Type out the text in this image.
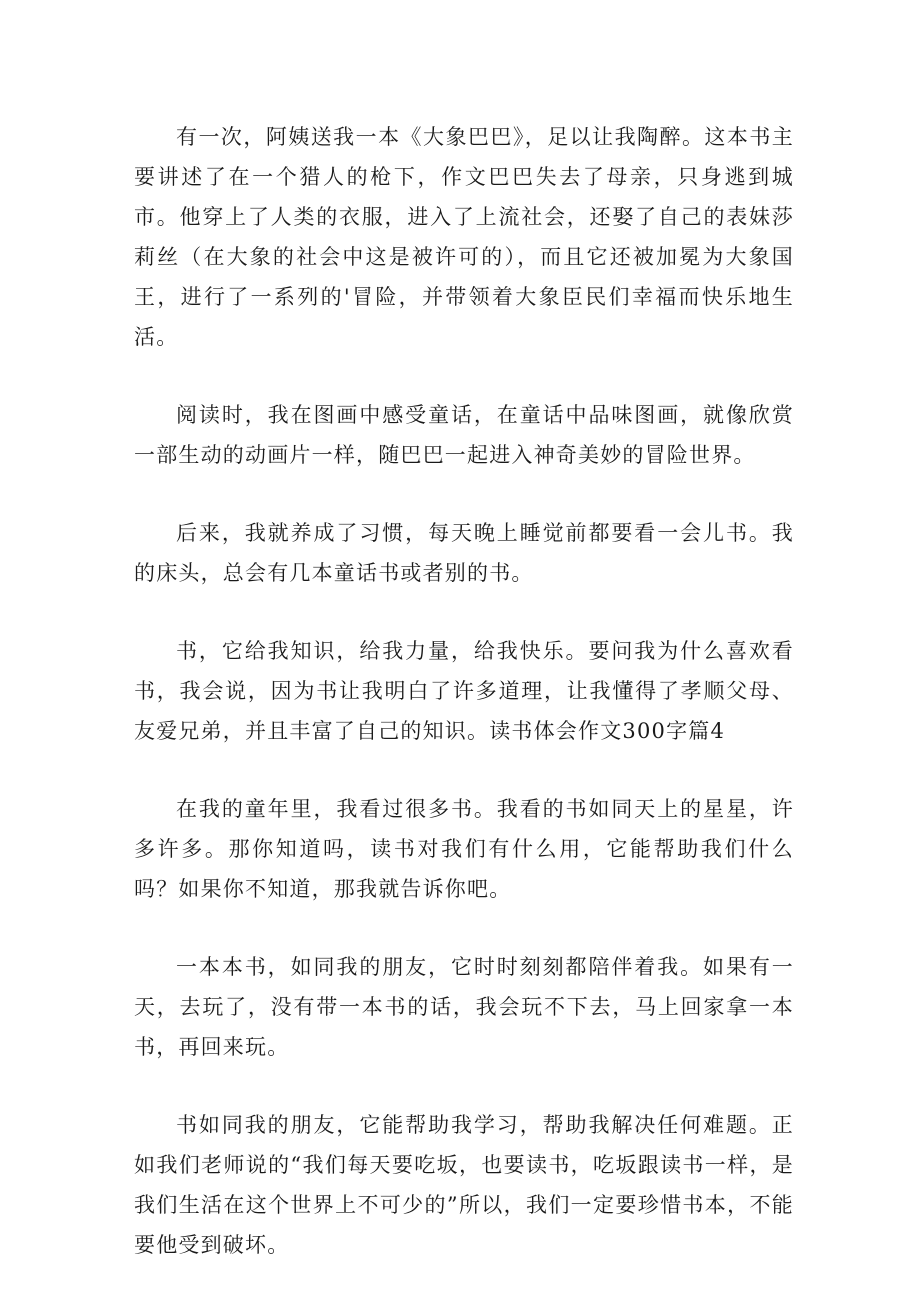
有一次，阿姨送我一本《大象巴巴》，足以让我陶醉。这本书主要讲述了在一个猎人的枪下，作文巴巴失去了母亲，只身逃到城市。他穿上了人类的衣服，进入了上流社会，还娶了自己的表妹莎莉丝（在大象的社会中这是被许可的），而且它还被加冕为大象国王，进行了一系列的'冒险，并带领着大象臣民们幸福而快乐地生活。

阅读时，我在图画中感受童话，在童话中品味图画，就像欣赏一部生动的动画片一样，随巴巴一起进入神奇美妙的冒险世界。

后来，我就养成了习惯，每天晚上睡觉前都要看一会儿书。我的床头，总会有几本童话书或者别的书。

书，它给我知识，给我力量，给我快乐。要问我为什么喜欢看书，我会说，因为书让我明白了许多道理，让我懂得了孝顺父母、友爱兄弟，并且丰富了自己的知识。读书体会作文300字篇4

在我的童年里，我看过很多书。我看的书如同天上的星星，许多许多。那你知道吗，读书对我们有什么用，它能帮助我们什么吗？如果你不知道，那我就告诉你吧。

一本本书，如同我的朋友，它时时刻刻都陪伴着我。如果有一天，去玩了，没有带一本书的话，我会玩不下去，马上回家拿一本书，再回来玩。

书如同我的朋友，它能帮助我学习，帮助我解决任何难题。正如我们老师说的“我们每天要吃坂，也要读书，吃坂跟读书一样，是我们生活在这个世界上不可少的”所以，我们一定要珍惜书本，不能要他受到破坏。
